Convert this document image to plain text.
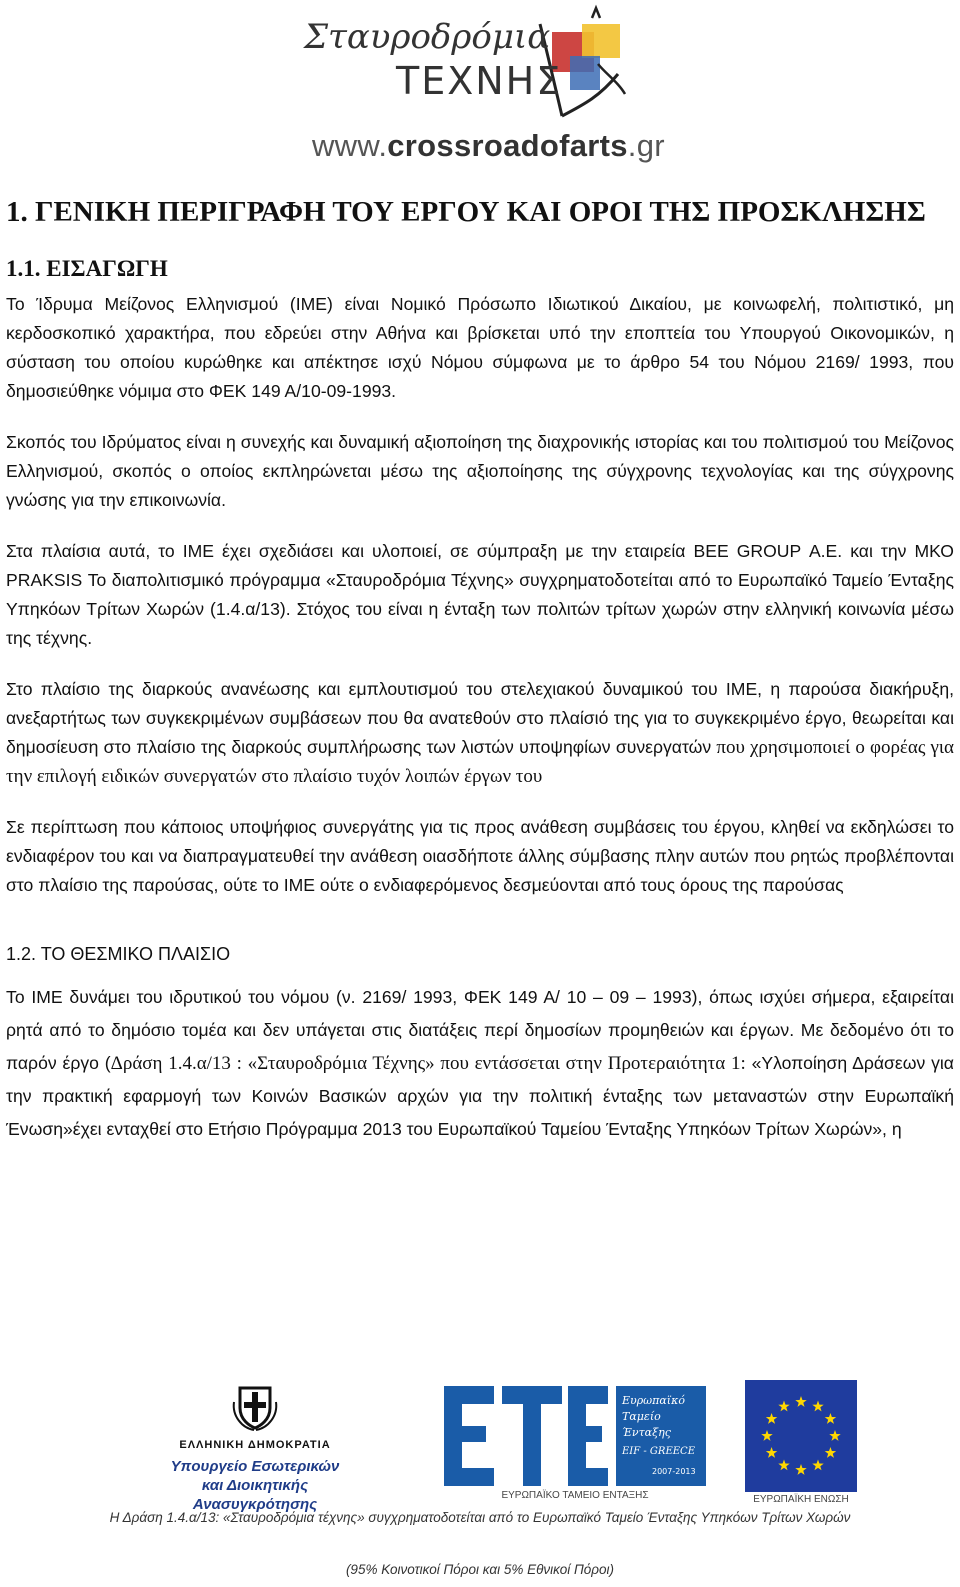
Σταυροδρόμια
ΤΕΧΝΗΣ
www.crossroadofarts.gr
1. ΓΕΝΙΚΗ ΠΕΡΙΓΡΑΦΗ ΤΟΥ ΕΡΓΟΥ ΚΑΙ ΟΡΟΙ ΤΗΣ ΠΡΟΣΚΛΗΣΗΣ
1.1. ΕΙΣΑΓΩΓΗ

Το Ίδρυμα Μείζονος Ελληνισμού (ΙΜΕ) είναι Νομικό Πρόσωπο Ιδιωτικού Δικαίου, με κοινωφελή, πολιτιστικό, μη κερδοσκοπικό χαρακτήρα, που εδρεύει στην Αθήνα και βρίσκεται υπό την εποπτεία του Υπουργού Οικονομικών, η σύσταση του οποίου κυρώθηκε και απέκτησε ισχύ Νόμου σύμφωνα με το άρθρο 54 του Νόμου 2169/ 1993, που δημοσιεύθηκε νόμιμα στο ΦΕΚ 149 Α/10-09-1993.

Σκοπός του Ιδρύματος είναι η συνεχής και δυναμική αξιοποίηση της διαχρονικής ιστορίας και του πολιτισμού του Μείζονος Ελληνισμού, σκοπός ο οποίος εκπληρώνεται μέσω της αξιοποίησης της σύγχρονης τεχνολογίας και της σύγχρονης γνώσης για την επικοινωνία.

Στα πλαίσια αυτά, το ΙΜΕ έχει σχεδιάσει και υλοποιεί, σε σύμπραξη με την εταιρεία ΒΕΕ GROUP Α.Ε. και την ΜΚΟ PRAKSIS Το διαπολιτισμικό πρόγραμμα «Σταυροδρόμια Τέχνης» συγχρηματοδοτείται από το Ευρωπαϊκό Ταμείο Ένταξης Υπηκόων Τρίτων Χωρών (1.4.α/13). Στόχος του είναι η ένταξη των πολιτών τρίτων χωρών στην ελληνική κοινωνία μέσω της τέχνης.

Στο πλαίσιο της διαρκούς ανανέωσης και εμπλουτισμού του στελεχιακού δυναμικού του ΙΜΕ, η παρούσα διακήρυξη, ανεξαρτήτως των συγκεκριμένων συμβάσεων που θα ανατεθούν στο πλαίσιό της για το συγκεκριμένο έργο, θεωρείται και δημοσίευση στο πλαίσιο της διαρκούς συμπλήρωσης των λιστών υποψηφίων συνεργατών που χρησιμοποιεί ο φορέας για την επιλογή ειδικών συνεργατών στο πλαίσιο τυχόν λοιπών έργων του

Σε περίπτωση που κάποιος υποψήφιος συνεργάτης για τις προς ανάθεση συμβάσεις του έργου, κληθεί να εκδηλώσει το ενδιαφέρον του και να διαπραγματευθεί την ανάθεση οιασδήποτε άλλης σύμβασης πλην αυτών που ρητώς προβλέπονται στο πλαίσιο της παρούσας, ούτε το ΙΜΕ ούτε ο ενδιαφερόμενος δεσμεύονται από τους όρους της παρούσας

1.2. ΤΟ ΘΕΣΜΙΚΟ ΠΛΑΙΣΙΟ

Το ΙΜΕ δυνάμει του ιδρυτικού του νόμου (ν. 2169/ 1993, ΦΕΚ 149 Α/ 10 – 09 – 1993), όπως ισχύει σήμερα, εξαιρείται ρητά από το δημόσιο τομέα και δεν υπάγεται στις διατάξεις περί δημοσίων προμηθειών και έργων. Με δεδομένο ότι το παρόν έργο (Δράση 1.4.α/13 : «Σταυροδρόμια Τέχνης» που εντάσσεται στην Προτεραιότητα 1: «Υλοποίηση Δράσεων για την πρακτική εφαρμογή των Κοινών Βασικών αρχών για την πολιτική ένταξης των μεταναστών στην Ευρωπαϊκή Ένωση»έχει ενταχθεί στο Ετήσιο Πρόγραμμα 2013 του Ευρωπαϊκού Ταμείου Ένταξης Υπηκόων Τρίτων Χωρών», η

ΕΛΛΗΝΙΚΗ ΔΗΜΟΚΡΑΤΙΑ
Υπουργείο Εσωτερικών
και Διοικητικής Ανασυγκρότησης
Ευρωπαϊκό
Ταμείο
Ένταξης
EIF - GREECE
2007-2013
ΕΥΡΩΠΑΪΚΟ ΤΑΜΕΙΟ ΕΝΤΑΞΗΣ	ΕΥΡΩΠΑΪΚΗ ΕΝΩΣΗ
Η Δράση 1.4.α/13: «Σταυροδρόμια τέχνης» συγχρηματοδοτείται από το Ευρωπαϊκό Ταμείο Ένταξης Υπηκόων Τρίτων Χωρών
(95% Κοινοτικοί Πόροι και 5% Εθνικοί Πόροι)
